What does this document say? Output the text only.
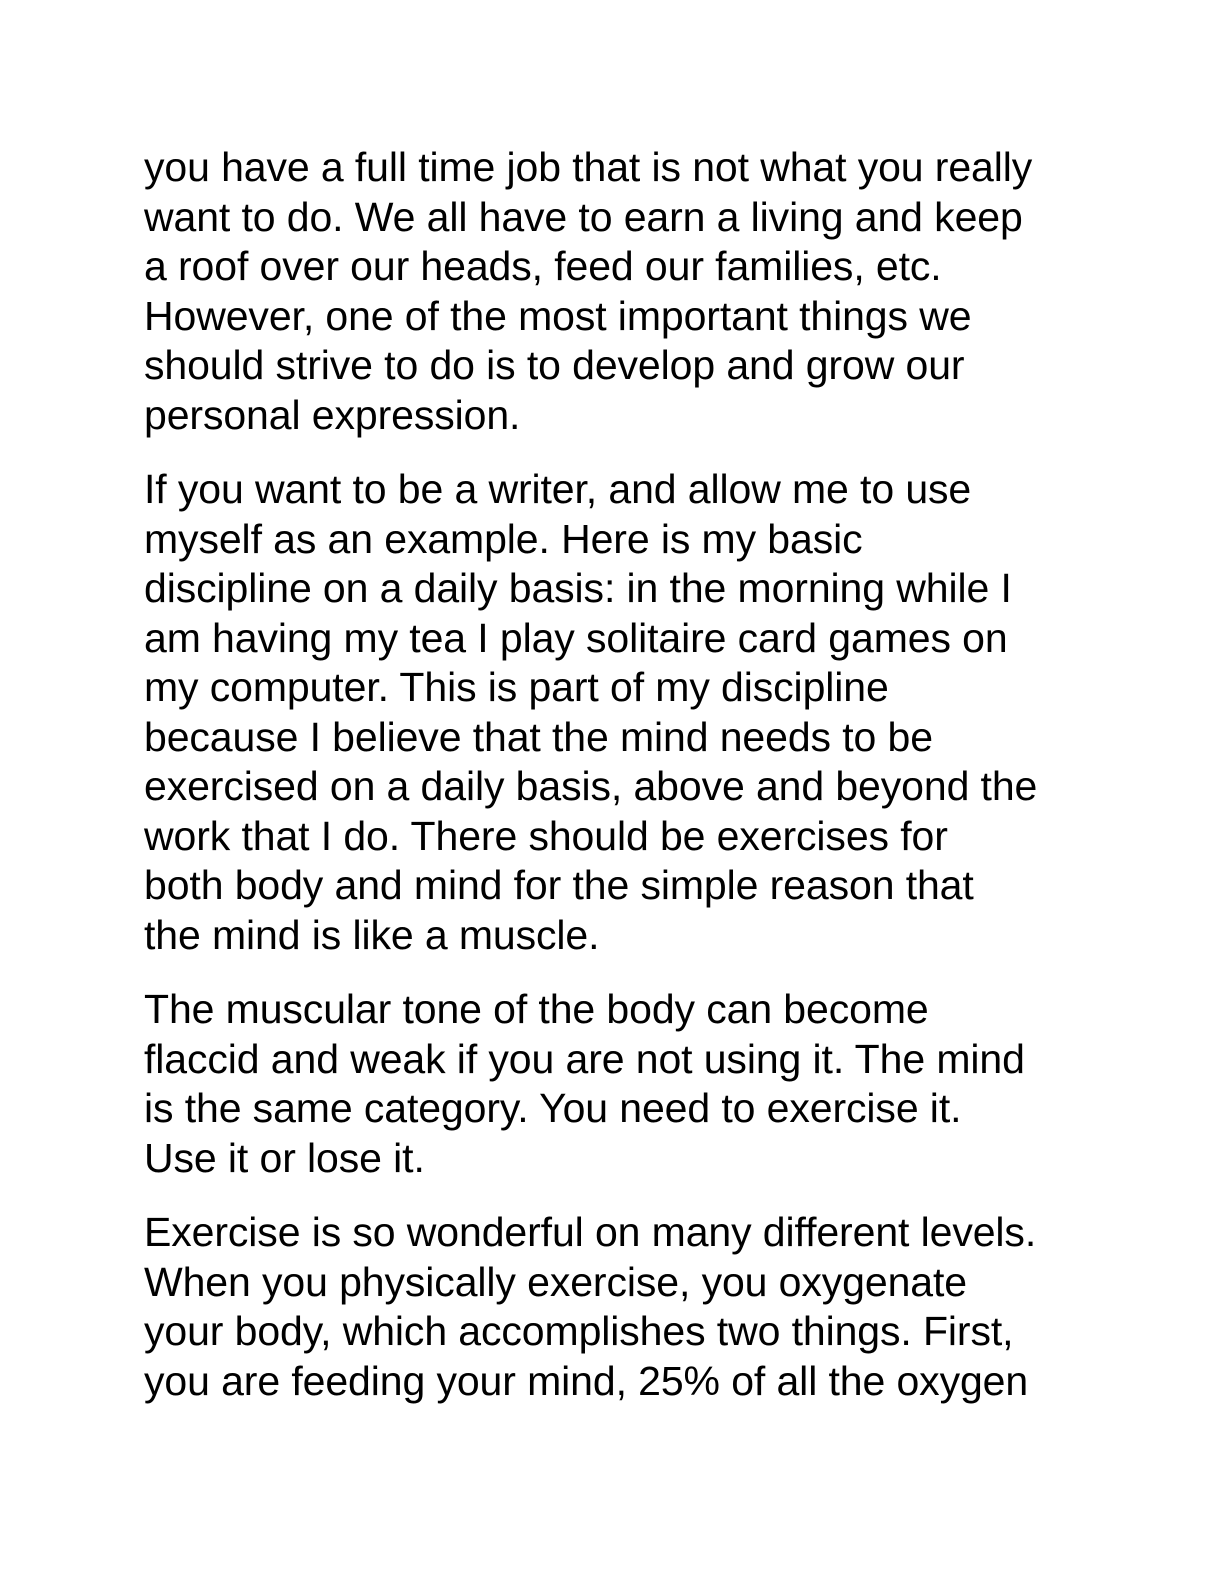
you have a full time job that is not what you really
want to do. We all have to earn a living and keep
a roof over our heads, feed our families, etc.
However, one of the most important things we
should strive to do is to develop and grow our
personal expression.

If you want to be a writer, and allow me to use
myself as an example. Here is my basic
discipline on a daily basis: in the morning while I
am having my tea I play solitaire card games on
my computer. This is part of my discipline
because I believe that the mind needs to be
exercised on a daily basis, above and beyond the
work that I do. There should be exercises for
both body and mind for the simple reason that
the mind is like a muscle.

The muscular tone of the body can become
flaccid and weak if you are not using it. The mind
is the same category. You need to exercise it.
Use it or lose it.

Exercise is so wonderful on many different levels.
When you physically exercise, you oxygenate
your body, which accomplishes two things. First,
you are feeding your mind, 25% of all the oxygen
